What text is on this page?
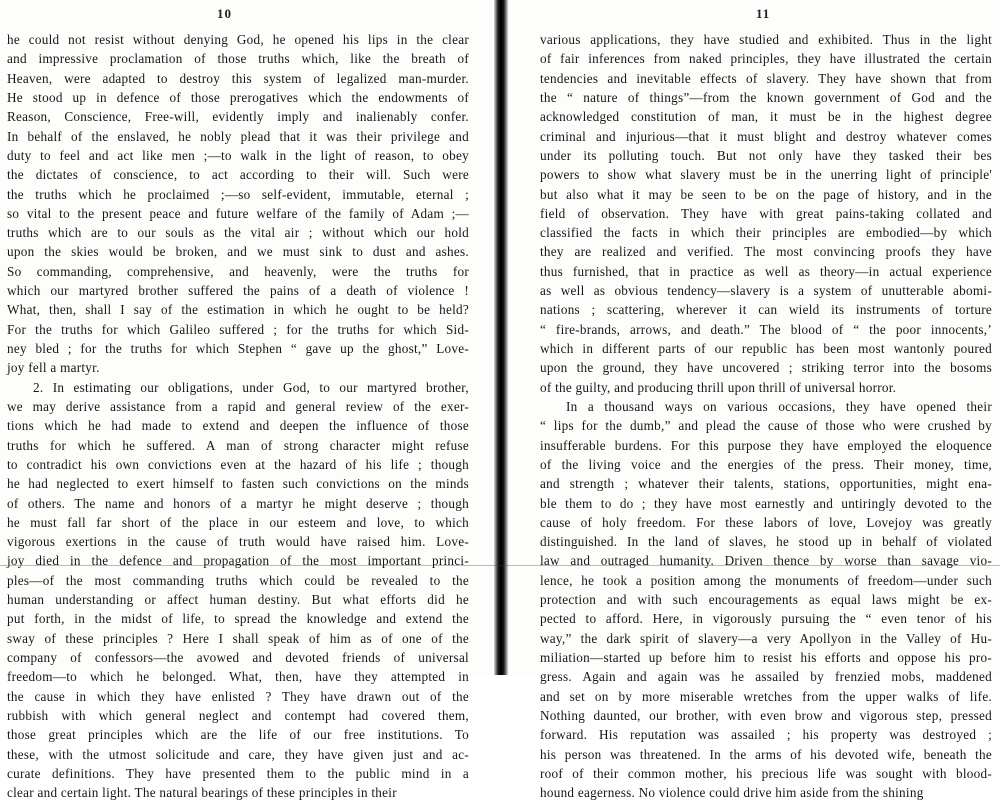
10
he could not resist without denying God, he opened his lips in the clear
and impressive proclamation of those truths which, like the breath of
Heaven, were adapted to destroy this system of legalized man-murder.
He stood up in defence of those prerogatives which the endowments of
Reason, Conscience, Free-will, evidently imply and inalienably confer.
In behalf of the enslaved, he nobly plead that it was their privilege and
duty to feel and act like men ;—to walk in the light of reason, to obey
the dictates of conscience, to act according to their will. Such were
the truths which he proclaimed ;—so self-evident, immutable, eternal ;
so vital to the present peace and future welfare of the family of Adam ;—
truths which are to our souls as the vital air ; without which our hold
upon the skies would be broken, and we must sink to dust and ashes.
So commanding, comprehensive, and heavenly, were the truths for
which our martyred brother suffered the pains of a death of violence !
What, then, shall I say of the estimation in which he ought to be held?
For the truths for which Galileo suffered ; for the truths for which Sid-
ney bled ; for the truths for which Stephen “ gave up the ghost,” Love-
joy fell a martyr.
2. In estimating our obligations, under God, to our martyred brother,
we may derive assistance from a rapid and general review of the exer-
tions which he had made to extend and deepen the influence of those
truths for which he suffered. A man of strong character might refuse
to contradict his own convictions even at the hazard of his life ; though
he had neglected to exert himself to fasten such convictions on the minds
of others. The name and honors of a martyr he might deserve ; though
he must fall far short of the place in our esteem and love, to which
vigorous exertions in the cause of truth would have raised him. Love-
joy died in the defence and propagation of the most important princi-
ples—of the most commanding truths which could be revealed to the
human understanding or affect human destiny. But what efforts did he
put forth, in the midst of life, to spread the knowledge and extend the
sway of these principles ? Here I shall speak of him as of one of the
company of confessors—the avowed and devoted friends of universal
freedom—to which he belonged. What, then, have they attempted in
the cause in which they have enlisted ? They have drawn out of the
rubbish with which general neglect and contempt had covered them,
those great principles which are the life of our free institutions. To
these, with the utmost solicitude and care, they have given just and ac-
curate definitions. They have presented them to the public mind in a
clear and certain light. The natural bearings of these principles in their
11
various applications, they have studied and exhibited. Thus in the light
of fair inferences from naked principles, they have illustrated the certain
tendencies and inevitable effects of slavery. They have shown that from
the “ nature of things”—from the known government of God and the
acknowledged constitution of man, it must be in the highest degree
criminal and injurious—that it must blight and destroy whatever comes
under its polluting touch. But not only have they tasked their bes
powers to show what slavery must be in the unerring light of principle'
but also what it may be seen to be on the page of history, and in the
field of observation. They have with great pains-taking collated and
classified the facts in which their principles are embodied—by which
they are realized and verified. The most convincing proofs they have
thus furnished, that in practice as well as theory—in actual experience
as well as obvious tendency—slavery is a system of unutterable abomi-
nations ; scattering, wherever it can wield its instruments of torture
“ fire-brands, arrows, and death.” The blood of “ the poor innocents,’
which in different parts of our republic has been most wantonly poured
upon the ground, they have uncovered ; striking terror into the bosoms
of the guilty, and producing thrill upon thrill of universal horror.
In a thousand ways on various occasions, they have opened their
“ lips for the dumb,” and plead the cause of those who were crushed by
insufferable burdens. For this purpose they have employed the eloquence
of the living voice and the energies of the press. Their money, time,
and strength ; whatever their talents, stations, opportunities, might ena-
ble them to do ; they have most earnestly and untiringly devoted to the
cause of holy freedom. For these labors of love, Lovejoy was greatly
distinguished. In the land of slaves, he stood up in behalf of violated
law and outraged humanity. Driven thence by worse than savage vio-
lence, he took a position among the monuments of freedom—under such
protection and with such encouragements as equal laws might be ex-
pected to afford. Here, in vigorously pursuing the “ even tenor of his
way,” the dark spirit of slavery—a very Apollyon in the Valley of Hu-
miliation—started up before him to resist his efforts and oppose his pro-
gress. Again and again was he assailed by frenzied mobs, maddened
and set on by more miserable wretches from the upper walks of life.
Nothing daunted, our brother, with even brow and vigorous step, pressed
forward. His reputation was assailed ; his property was destroyed ;
his person was threatened. In the arms of his devoted wife, beneath the
roof of their common mother, his precious life was sought with blood-
hound eagerness. No violence could drive him aside from the shining
